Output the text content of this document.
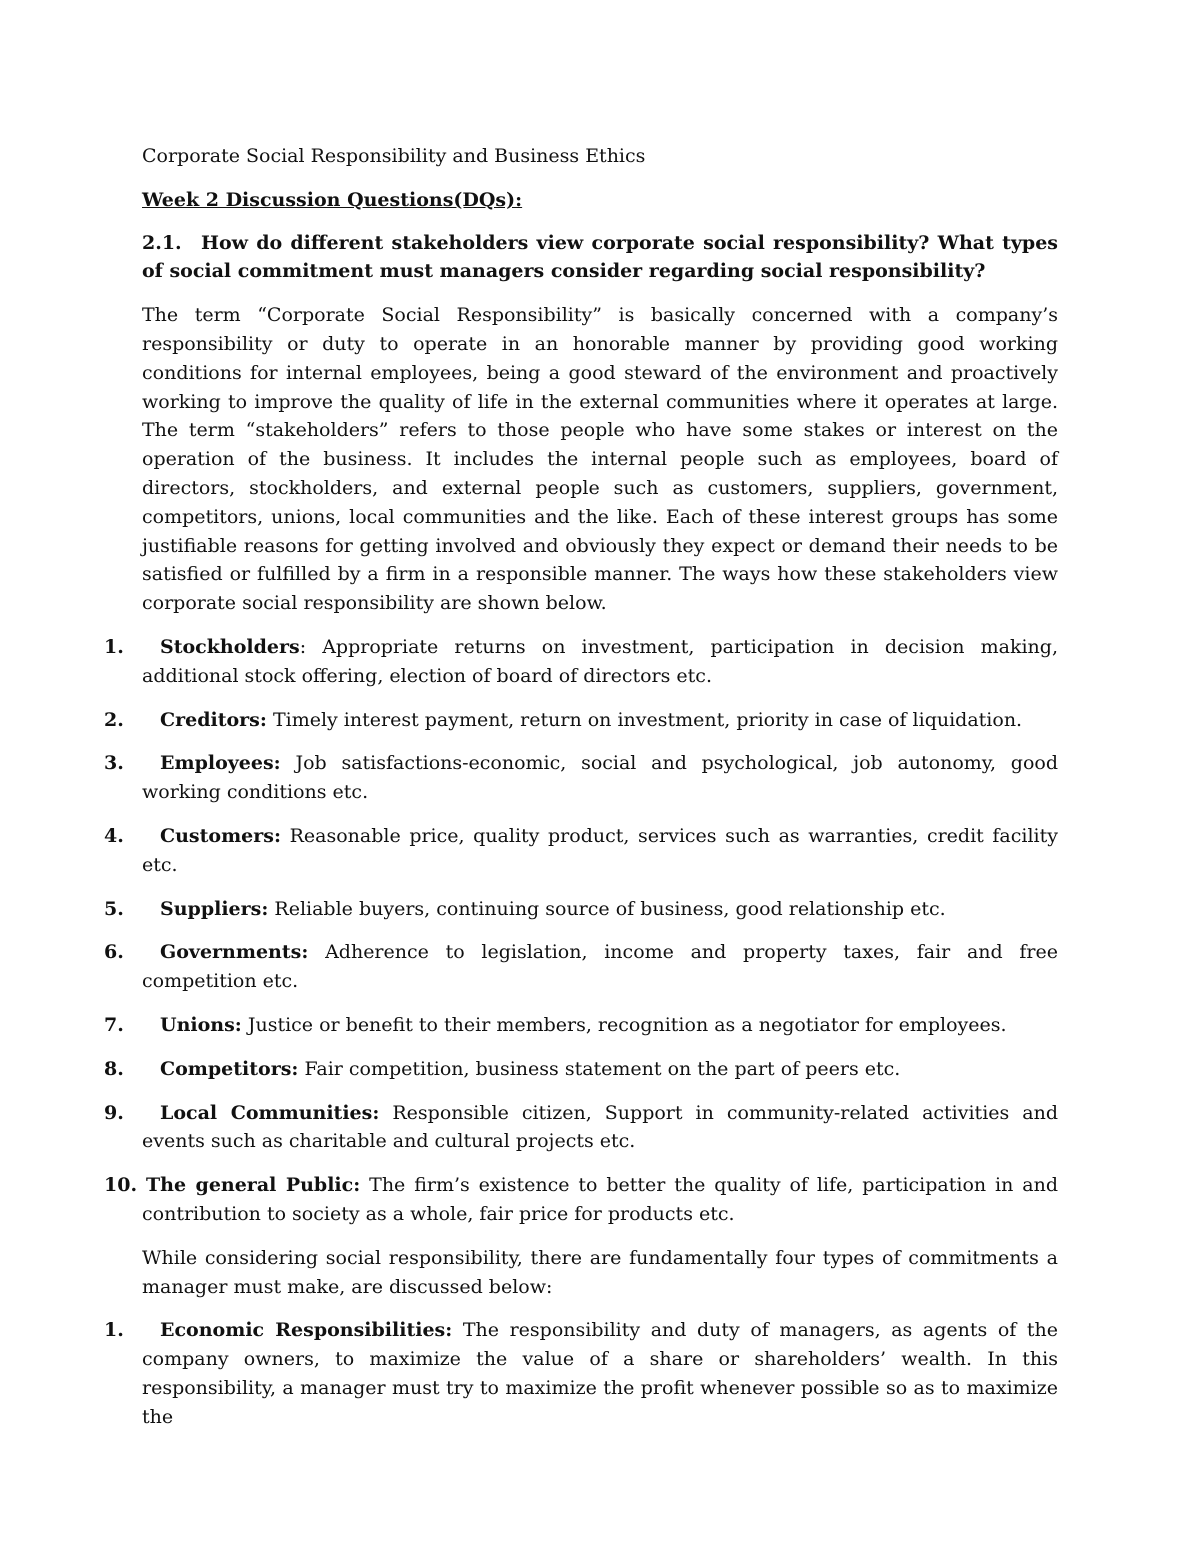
Corporate Social Responsibility and Business Ethics

Week 2 Discussion Questions(DQs):

2.1. How do different stakeholders view corporate social responsibility? What types of social commitment must managers consider regarding social responsibility?

The term “Corporate Social Responsibility” is basically concerned with a company’s responsibility or duty to operate in an honorable manner by providing good working conditions for internal employees, being a good steward of the environment and proactively working to improve the quality of life in the external communities where it operates at large. The term “stakeholders” refers to those people who have some stakes or interest on the operation of the business. It includes the internal people such as employees, board of directors, stockholders, and external people such as customers, suppliers, government, competitors, unions, local communities and the like. Each of these interest groups has some justifiable reasons for getting involved and obviously they expect or demand their needs to be satisfied or fulfilled by a firm in a responsible manner. The ways how these stakeholders view corporate social responsibility are shown below.

1.	Stockholders: Appropriate returns on investment, participation in decision making, additional stock offering, election of board of directors etc.
2.	Creditors: Timely interest payment, return on investment, priority in case of liquidation.
3.	Employees: Job satisfactions-economic, social and psychological, job autonomy, good working conditions etc.
4.	Customers: Reasonable price, quality product, services such as warranties, credit facility etc.
5.	Suppliers: Reliable buyers, continuing source of business, good relationship etc.
6.	Governments: Adherence to legislation, income and property taxes, fair and free competition etc.
7.	Unions: Justice or benefit to their members, recognition as a negotiator for employees.
8.	Competitors: Fair competition, business statement on the part of peers etc.
9.	Local Communities: Responsible citizen, Support in community-related activities and events such as charitable and cultural projects etc.
10. The general Public: The firm’s existence to better the quality of life, participation in and contribution to society as a whole, fair price for products etc.

While considering social responsibility, there are fundamentally four types of commitments a manager must make, are discussed below:

1.	Economic Responsibilities: The responsibility and duty of managers, as agents of the company owners, to maximize the value of a share or shareholders’ wealth. In this responsibility, a manager must try to maximize the profit whenever possible so as to maximize the
